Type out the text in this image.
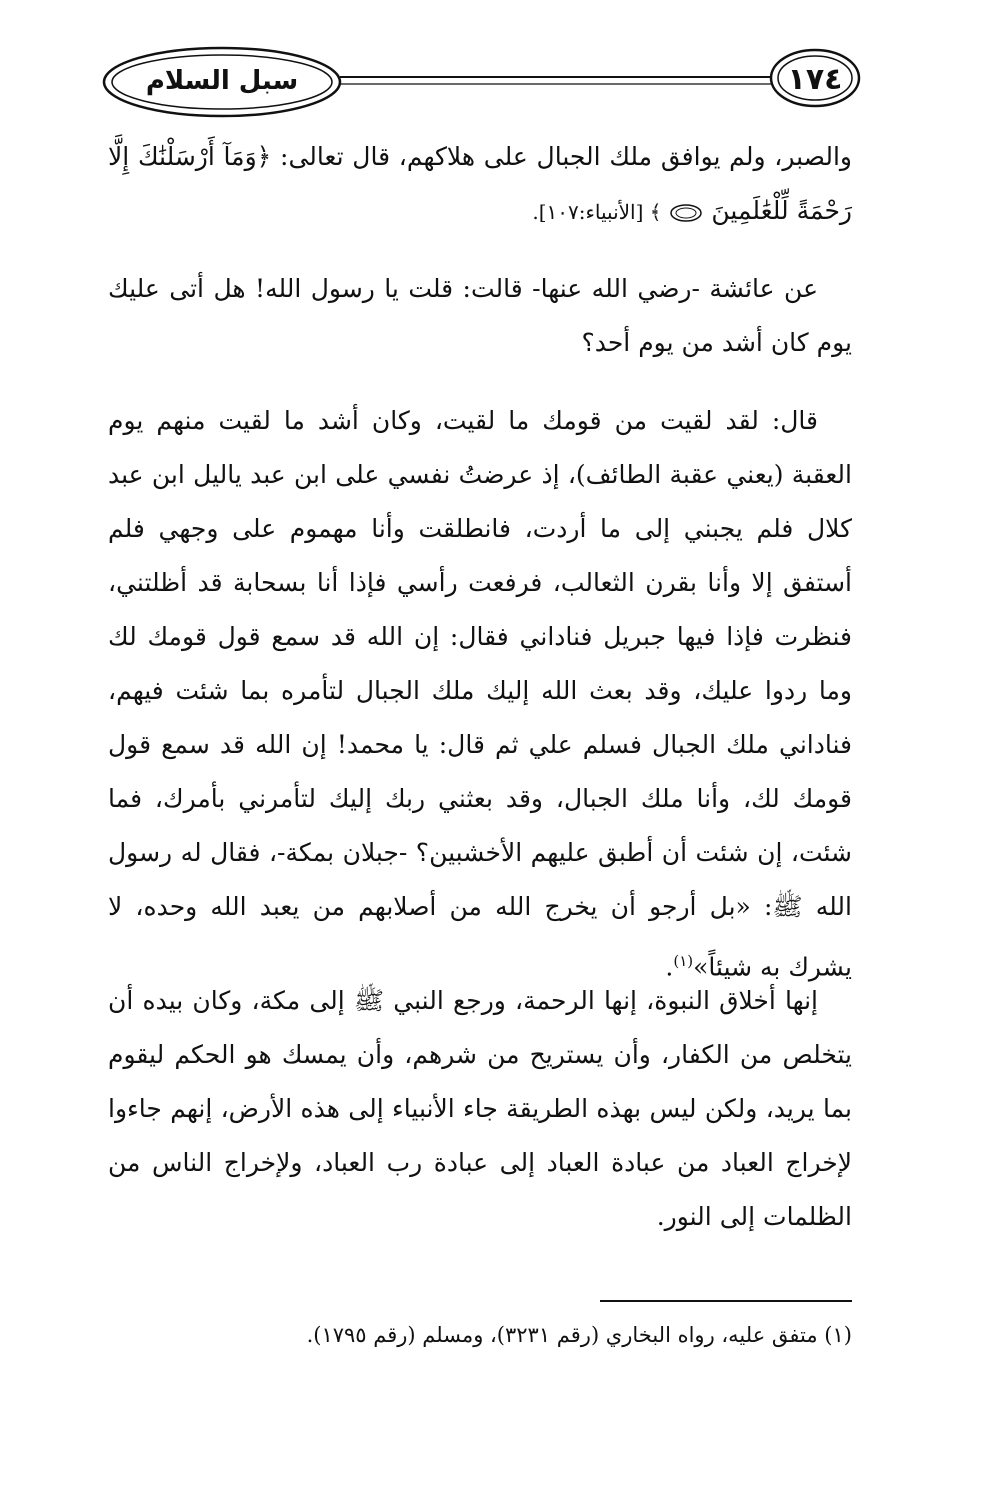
سبل السلام	١٧٤

والصبر، ولم يوافق ملك الجبال على هلاكهم، قال تعالى: ﴿وَمَآ أَرْسَلْنَٰكَ إِلَّا رَحْمَةً لِّلْعَٰلَمِينَ  ﴾ [الأنبياء:١٠٧].

عن عائشة -رضي الله عنها- قالت: قلت يا رسول الله! هل أتى عليك يوم كان أشد من يوم أحد؟

قال: لقد لقيت من قومك ما لقيت، وكان أشد ما لقيت منهم يوم العقبة (يعني عقبة الطائف)، إذ عرضتُ نفسي على ابن عبد ياليل ابن عبد كلال فلم يجبني إلى ما أردت، فانطلقت وأنا مهموم على وجهي فلم أستفق إلا وأنا بقرن الثعالب، فرفعت رأسي فإذا أنا بسحابة قد أظلتني، فنظرت فإذا فيها جبريل فناداني فقال: إن الله قد سمع قول قومك لك وما ردوا عليك، وقد بعث الله إليك ملك الجبال لتأمره بما شئت فيهم، فناداني ملك الجبال فسلم علي ثم قال: يا محمد! إن الله قد سمع قول قومك لك، وأنا ملك الجبال، وقد بعثني ربك إليك لتأمرني بأمرك، فما شئت، إن شئت أن أطبق عليهم الأخشبين؟ -جبلان بمكة-، فقال له رسول الله ﷺ: «بل أرجو أن يخرج الله من أصلابهم من يعبد الله وحده، لا يشرك به شيئاً»$^{(١)}$.

إنها أخلاق النبوة، إنها الرحمة، ورجع النبي ﷺ إلى مكة، وكان بيده أن يتخلص من الكفار، وأن يستريح من شرهم، وأن يمسك هو الحكم ليقوم بما يريد، ولكن ليس بهذه الطريقة جاء الأنبياء إلى هذه الأرض، إنهم جاءوا لإخراج العباد من عبادة العباد إلى عبادة رب العباد، ولإخراج الناس من الظلمات إلى النور.

(١) متفق عليه، رواه البخاري (رقم ٣٢٣١)، ومسلم (رقم ١٧٩٥).
